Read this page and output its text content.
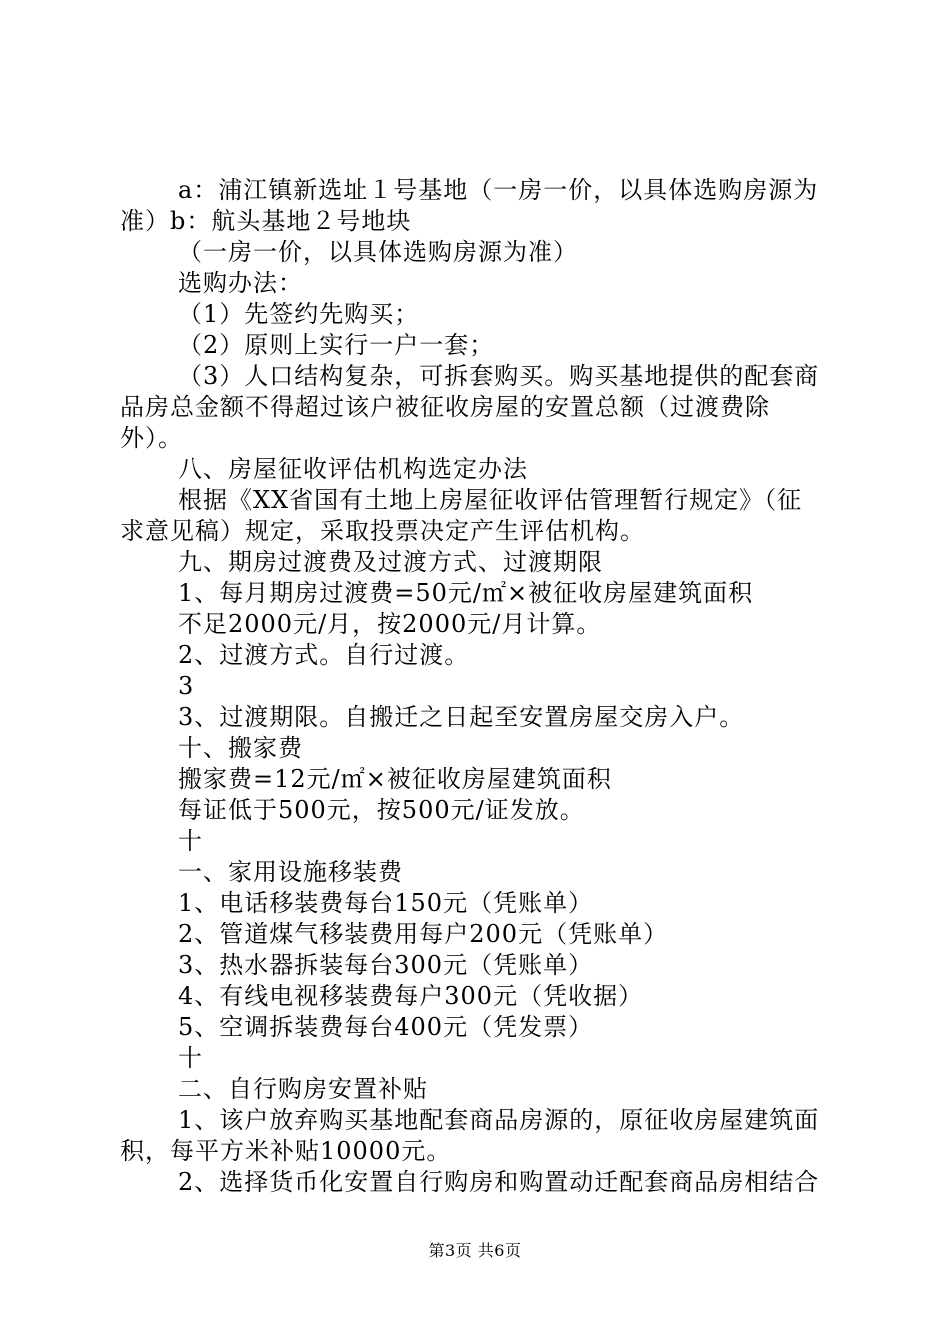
a：浦江镇新选址１号基地（一房一价，以具体选购房源为
准）b：航头基地２号地块
（一房一价，以具体选购房源为准）
选购办法：
（1）先签约先购买；
（2）原则上实行一户一套；
（3）人口结构复杂，可拆套购买。购买基地提供的配套商
品房总金额不得超过该户被征收房屋的安置总额（过渡费除
外）。
八、房屋征收评估机构选定办法
根据《XX省国有土地上房屋征收评估管理暂行规定》（征
求意见稿）规定，采取投票决定产生评估机构。
九、期房过渡费及过渡方式、过渡期限
1、每月期房过渡费=50元/㎡×被征收房屋建筑面积
不足2000元/月，按2000元/月计算。
2、过渡方式。自行过渡。
3
3、过渡期限。自搬迁之日起至安置房屋交房入户。
十、搬家费
搬家费=12元/㎡×被征收房屋建筑面积
每证低于500元，按500元/证发放。
十
一、家用设施移装费
1、电话移装费每台150元（凭账单）
2、管道煤气移装费用每户200元（凭账单）
3、热水器拆装每台300元（凭账单）
4、有线电视移装费每户300元（凭收据）
5、空调拆装费每台400元（凭发票）
十
二、自行购房安置补贴
1、该户放弃购买基地配套商品房源的，原征收房屋建筑面
积，每平方米补贴10000元。
2、选择货币化安置自行购房和购置动迁配套商品房相结合
第3页 共6页
